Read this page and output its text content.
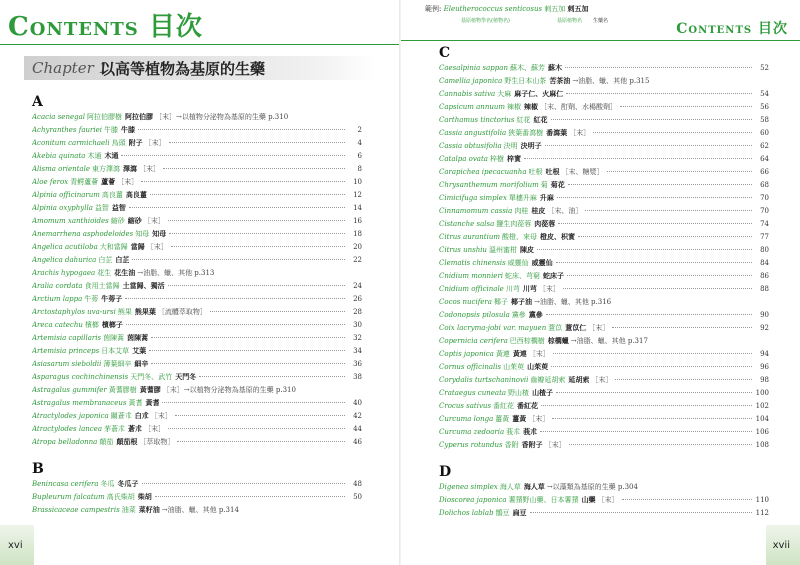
Contents 目次
Chapter 1
以高等植物為基原的生藥
A
Acacia senegal 阿拉伯膠樹 阿拉伯膠 ［末］→以植物分泌物為基原的生藥 p.310
Achyranthes fauriei 牛膝 牛膝	2
Aconitum carmichaeli 烏頭 附子 ［末］	4
Akebia quinata 木通 木通	6
Alisma orientale 東方澤瀉 澤瀉 ［末］	8
Aloe ferox 青鰐蘆薈 蘆薈 ［末］	10
Alpinia officinarum 高良薑 高良薑	12
Alpinia oxyphylla 益智 益智	14
Amomum xanthioides 縮砂 縮砂 ［末］	16
Anemarrhena asphodeloides 知母 知母	18
Angelica acutiloba 大和當歸 當歸 ［末］	20
Angelica dahurica 白芷 白芷	22
Arachis hypogaea 花生 花生油 →油脂、蠟、其他 p.313
Aralia cordata 食用土當歸 土當歸、獨活	24
Arctium lappa 牛蒡 牛蒡子	26
Arctostaphylos uva-ursi 熊果 熊果葉 ［流體萃取物］	28
Areca catechu 檳榔 檳榔子	30
Artemisia capillaris 茵陳蒿 茵陳蒿	32
Artemisia princeps 日本艾草 艾葉	34
Asiasarum sieboldii 薄葉細辛 細辛	36
Asparagus cochinchinensis 天門冬、武竹 天門冬	38
Astragalus gummifer 黃蓍膠樹 黃蓍膠 ［末］→以植物分泌物為基原的生藥 p.310
Astragalus membranaceus 黃耆 黃耆	40
Atractylodes japonica 關蒼朮 白朮 ［末］	42
Atractylodes lancea 茅蒼朮 蒼朮 ［末］	44
Atropa belladonna 顛茄 顛茄根 ［萃取物］	46
B
Benincasa cerifera 冬瓜 冬瓜子	48
Bupleurum falcatum 高氏柴胡 柴胡	50
Brassicaceae campestris 油菜 菜籽油 →油脂、蠟、其他 p.314
xvi
範例: Eleutherococcus senticosus 刺五加 刺五加
基原植物學名(植物名)	基原植物名 生藥名	Contents 目次
C
Caesalpinia sappan 蘇木、蘇芳 蘇木	52
Camellia japonica 野生日本山茶 苦茶油 →油脂、蠟、其他 p.315
Cannabis sativa 大麻 麻子仁、火麻仁	54
Capsicum annuum 辣椒 辣椒 ［末、酊劑、水楊酸劑］	56
Carthamus tinctorius 紅花 紅花	58
Cassia angustifolia 狹葉番瀉樹 番瀉葉 ［末］	60
Cassia obtusifolia 決明 決明子	62
Catalpa ovata 梓樹 梓實	64
Carapichea ipecacuanha 吐根 吐根 ［末、糖漿］	66
Chrysanthemum morifolium 菊 菊花	68
Cimicifuga simplex 單穗升麻 升麻	70
Cinnamomum cassia 肉桂 桂皮 ［末、油］	70
Cistanche salsa 鹽生肉蓯蓉 肉蓯蓉	74
Citrus aurantium 酸橙、來母 橙皮、枳實	77
Citrus unshiu 溫州蜜柑 陳皮	80
Clematis chinensis 威靈仙 威靈仙	84
Cnidium monnieri 蛇床、芎窮 蛇床子	86
Cnidium officinale 川芎 川芎 ［末］	88
Cocos nucifera 椰子 椰子油 →油脂、蠟、其他 p.316
Codonopsis pilosula 黨參 黨參	90
Coix lacryma-jobi var. mayuen 薏苡 薏苡仁 ［末］	92
Copernicia cerifera 巴西棕櫚樹 棕櫚蠟 →油脂、蠟、其他 p.317
Coptis japonica 黃連 黃連 ［末］	94
Cornus officinalis 山茱萸 山茱萸	96
Corydalis turtschaninovii 齒瓣延胡索 延胡索 ［末］	98
Crataegus cuneata 野山楂 山楂子	100
Crocus sativus 番紅花 番紅花	102
Curcuma longa 薑黃 薑黃 ［末］	104
Curcuma zedoaria 莪朮 莪朮	106
Cyperus rotundus 香附 香附子 ［末］	108
D
Digenea simplex 海人草 海人草 →以藻類為基原的生藥 p.304
Dioscorea japonica 薯蕷野山藥、日本薯蕷 山藥 ［末］	110
Dolichos lablab 鵲豆 扁豆	112
xvii
